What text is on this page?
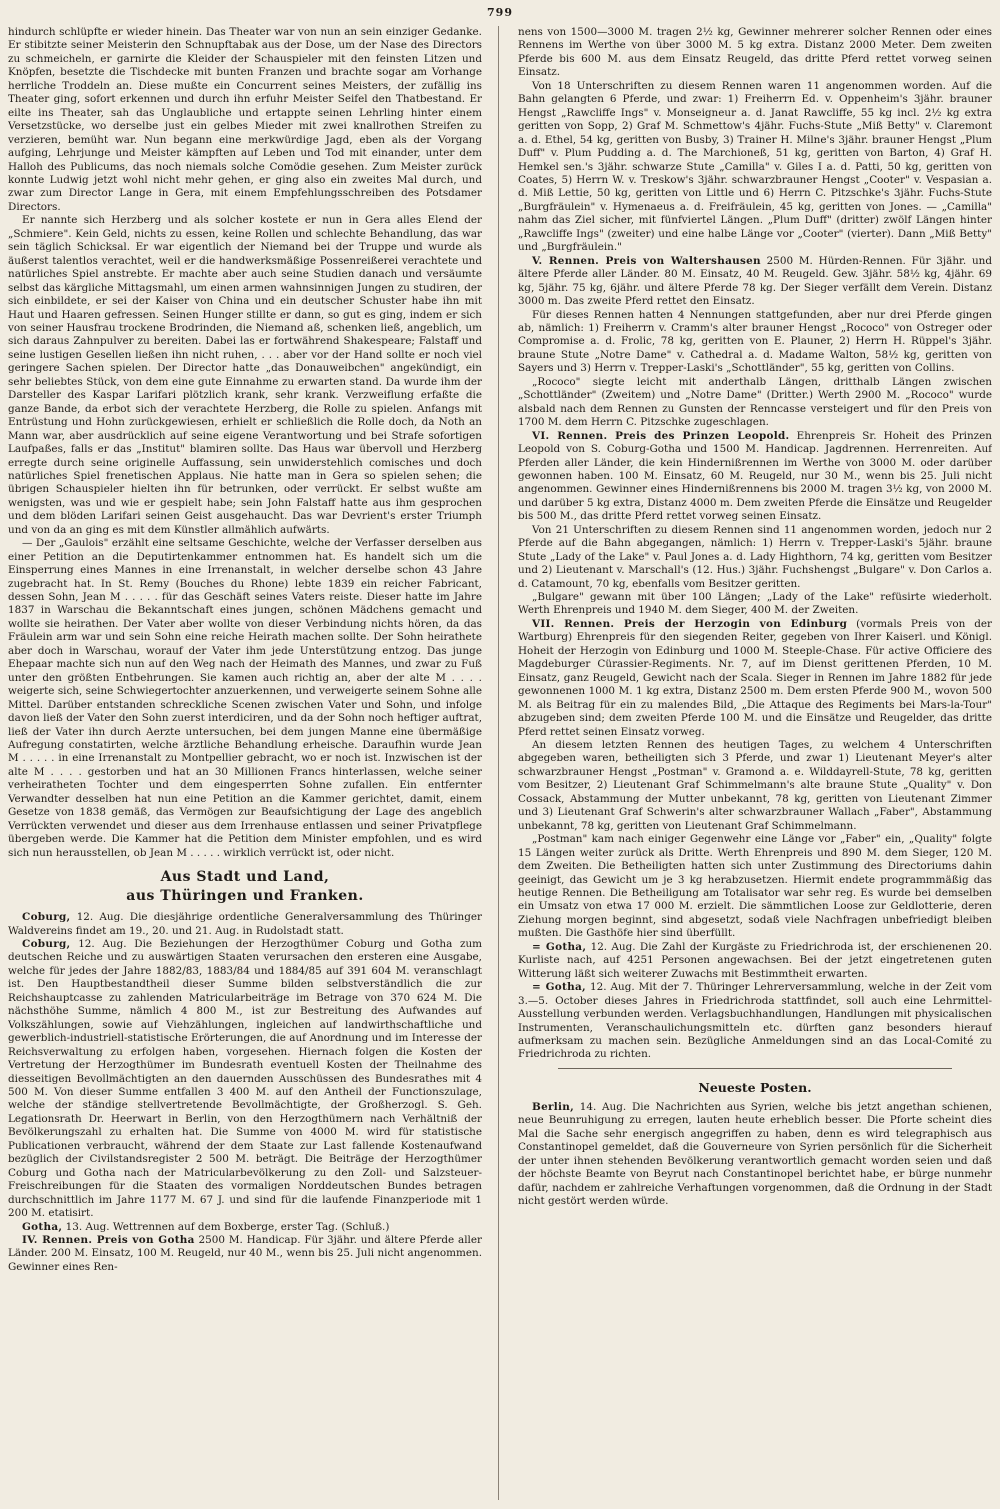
799

hindurch schlüpfte er wieder hinein. Das Theater war von nun an sein einziger Gedanke. Er stibitzte seiner Meisterin den Schnupftabak aus der Dose, um der Nase des Directors zu schmeicheln, er garnirte die Kleider der Schauspieler mit den feinsten Litzen und Knöpfen, besetzte die Tischdecke mit bunten Franzen und brachte sogar am Vorhange herrliche Troddeln an. Diese mußte ein Concurrent seines Meisters, der zufällig ins Theater ging, sofort erkennen und durch ihn erfuhr Meister Seifel den Thatbestand. Er eilte ins Theater, sah das Unglaubliche und ertappte seinen Lehrling hinter einem Versetzstücke, wo derselbe just ein gelbes Mieder mit zwei knallrothen Streifen zu verzieren, bemüht war. Nun begann eine merkwürdige Jagd, eben als der Vorgang aufging, Lehrjunge und Meister kämpften auf Leben und Tod mit einander, unter dem Halloh des Publicums, das noch niemals solche Comödie gesehen. Zum Meister zurück konnte Ludwig jetzt wohl nicht mehr gehen, er ging also ein zweites Mal durch, und zwar zum Director Lange in Gera, mit einem Empfehlungsschreiben des Potsdamer Directors.

Er nannte sich Herzberg und als solcher kostete er nun in Gera alles Elend der „Schmiere". Kein Geld, nichts zu essen, keine Rollen und schlechte Behandlung, das war sein täglich Schicksal. Er war eigentlich der Niemand bei der Truppe und wurde als äußerst talentlos verachtet, weil er die handwerksmäßige Possenreißerei verachtete und natürliches Spiel anstrebte. Er machte aber auch seine Studien danach und versäumte selbst das kärgliche Mittagsmahl, um einen armen wahnsinnigen Jungen zu studiren, der sich einbildete, er sei der Kaiser von China und ein deutscher Schuster habe ihn mit Haut und Haaren gefressen. Seinen Hunger stillte er dann, so gut es ging, indem er sich von seiner Hausfrau trockene Brodrinden, die Niemand aß, schenken ließ, angeblich, um sich daraus Zahnpulver zu bereiten. Dabei las er fortwährend Shakespeare; Falstaff und seine lustigen Gesellen ließen ihn nicht ruhen, . . . aber vor der Hand sollte er noch viel geringere Sachen spielen. Der Director hatte „das Donauweibchen" angekündigt, ein sehr beliebtes Stück, von dem eine gute Einnahme zu erwarten stand. Da wurde ihm der Darsteller des Kaspar Larifari plötzlich krank, sehr krank. Verzweiflung erfaßte die ganze Bande, da erbot sich der verachtete Herzberg, die Rolle zu spielen. Anfangs mit Entrüstung und Hohn zurückgewiesen, erhielt er schließlich die Rolle doch, da Noth an Mann war, aber ausdrücklich auf seine eigene Verantwortung und bei Strafe sofortigen Laufpaßes, falls er das „Institut" blamiren sollte. Das Haus war übervoll und Herzberg erregte durch seine originelle Auffassung, sein unwiderstehlich comisches und doch natürliches Spiel frenetischen Applaus. Nie hatte man in Gera so spielen sehen; die übrigen Schauspieler hielten ihn für betrunken, oder verrückt. Er selbst wußte am wenigsten, was und wie er gespielt habe; sein John Falstaff hatte aus ihm gesprochen und dem blöden Larifari seinen Geist ausgehaucht. Das war Devrient's erster Triumph und von da an ging es mit dem Künstler allmählich aufwärts.

— Der „Gaulois" erzählt eine seltsame Geschichte, welche der Verfasser derselben aus einer Petition an die Deputirtenkammer entnommen hat. Es handelt sich um die Einsperrung eines Mannes in eine Irrenanstalt, in welcher derselbe schon 43 Jahre zugebracht hat. In St. Remy (Bouches du Rhone) lebte 1839 ein reicher Fabricant, dessen Sohn, Jean M . . . . . für das Geschäft seines Vaters reiste. Dieser hatte im Jahre 1837 in Warschau die Bekanntschaft eines jungen, schönen Mädchens gemacht und wollte sie heirathen. Der Vater aber wollte von dieser Verbindung nichts hören, da das Fräulein arm war und sein Sohn eine reiche Heirath machen sollte. Der Sohn heirathete aber doch in Warschau, worauf der Vater ihm jede Unterstützung entzog. Das junge Ehepaar machte sich nun auf den Weg nach der Heimath des Mannes, und zwar zu Fuß unter den größten Entbehrungen. Sie kamen auch richtig an, aber der alte M . . . . weigerte sich, seine Schwiegertochter anzuerkennen, und verweigerte seinem Sohne alle Mittel. Darüber entstanden schreckliche Scenen zwischen Vater und Sohn, und infolge davon ließ der Vater den Sohn zuerst interdiciren, und da der Sohn noch heftiger auftrat, ließ der Vater ihn durch Aerzte untersuchen, bei dem jungen Manne eine übermäßige Aufregung constatirten, welche ärztliche Behandlung erheische. Daraufhin wurde Jean M . . . . . in eine Irrenanstalt zu Montpellier gebracht, wo er noch ist. Inzwischen ist der alte M . . . . gestorben und hat an 30 Millionen Francs hinterlassen, welche seiner verheiratheten Tochter und dem eingesperrten Sohne zufallen. Ein entfernter Verwandter desselben hat nun eine Petition an die Kammer gerichtet, damit, einem Gesetze von 1838 gemäß, das Vermögen zur Beaufsichtigung der Lage des angeblich Verrückten verwendet und dieser aus dem Irrenhause entlassen und seiner Privatpflege übergeben werde. Die Kammer hat die Petition dem Minister empfohlen, und es wird sich nun herausstellen, ob Jean M . . . . . wirklich verrückt ist, oder nicht.

Aus Stadt und Land,
aus Thüringen und Franken.

Coburg, 12. Aug. Die diesjährige ordentliche Generalversammlung des Thüringer Waldvereins findet am 19., 20. und 21. Aug. in Rudolstadt statt.

Coburg, 12. Aug. Die Beziehungen der Herzogthümer Coburg und Gotha zum deutschen Reiche und zu auswärtigen Staaten verursachen den ersteren eine Ausgabe, welche für jedes der Jahre 1882/83, 1883/84 und 1884/85 auf 391 604 M. veranschlagt ist. Den Hauptbestandtheil dieser Summe bilden selbstverständlich die zur Reichshauptcasse zu zahlenden Matricularbeiträge im Betrage von 370 624 M. Die nächsthöhe Summe, nämlich 4 800 M., ist zur Bestreitung des Aufwandes auf Volkszählungen, sowie auf Viehzählungen, ingleichen auf landwirthschaftliche und gewerblich-industriell-statistische Erörterungen, die auf Anordnung und im Interesse der Reichsverwaltung zu erfolgen haben, vorgesehen. Hiernach folgen die Kosten der Vertretung der Herzogthümer im Bundesrath eventuell Kosten der Theilnahme des diesseitigen Bevollmächtigten an den dauernden Ausschüssen des Bundesrathes mit 4 500 M. Von dieser Summe entfallen 3 400 M. auf den Antheil der Functionszulage, welche der ständige stellvertretende Bevollmächtigte, der Großherzogl. S. Geh. Legationsrath Dr. Heerwart in Berlin, von den Herzogthümern nach Verhältniß der Bevölkerungszahl zu erhalten hat. Die Summe von 4000 M. wird für statistische Publicationen verbraucht, während der dem Staate zur Last fallende Kostenaufwand bezüglich der Civilstandsregister 2 500 M. beträgt. Die Beiträge der Herzogthümer Coburg und Gotha nach der Matricularbevölkerung zu den Zoll- und Salzsteuer-Freischreibungen für die Staaten des vormaligen Norddeutschen Bundes betragen durchschnittlich im Jahre 1177 M. 67 J. und sind für die laufende Finanzperiode mit 1 200 M. etatisirt.

Gotha, 13. Aug. Wettrennen auf dem Boxberge, erster Tag. (Schluß.)

IV. Rennen. Preis von Gotha 2500 M. Handicap. Für 3jähr. und ältere Pferde aller Länder. 200 M. Einsatz, 100 M. Reugeld, nur 40 M., wenn bis 25. Juli nicht angenommen. Gewinner eines Ren-

nens von 1500—3000 M. tragen 2½ kg, Gewinner mehrerer solcher Rennen oder eines Rennens im Werthe von über 3000 M. 5 kg extra. Distanz 2000 Meter. Dem zweiten Pferde bis 600 M. aus dem Einsatz Reugeld, das dritte Pferd rettet vorweg seinen Einsatz.

Von 18 Unterschriften zu diesem Rennen waren 11 angenommen worden. Auf die Bahn gelangten 6 Pferde, und zwar: 1) Freiherrn Ed. v. Oppenheim's 3jähr. brauner Hengst „Rawcliffe Ings" v. Monseigneur a. d. Janat Rawcliffe, 55 kg incl. 2½ kg extra geritten von Sopp, 2) Graf M. Schmettow's 4jähr. Fuchs-Stute „Miß Betty" v. Claremont a. d. Ethel, 54 kg, geritten von Busby, 3) Trainer H. Milne's 3jähr. brauner Hengst „Plum Duff" v. Plum Pudding a. d. The Marchioneß, 51 kg, geritten von Barton, 4) Graf H. Hemkel sen.'s 3jähr. schwarze Stute „Camilla" v. Giles I a. d. Patti, 50 kg, geritten von Coates, 5) Herrn W. v. Treskow's 3jähr. schwarzbrauner Hengst „Cooter" v. Vespasian a. d. Miß Lettie, 50 kg, geritten von Little und 6) Herrn C. Pitzschke's 3jähr. Fuchs-Stute „Burgfräulein" v. Hymenaeus a. d. Freifräulein, 45 kg, geritten von Jones. — „Camilla" nahm das Ziel sicher, mit fünfviertel Längen. „Plum Duff" (dritter) zwölf Längen hinter „Rawcliffe Ings" (zweiter) und eine halbe Länge vor „Cooter" (vierter). Dann „Miß Betty" und „Burgfräulein."

V. Rennen. Preis von Waltershausen 2500 M. Hürden-Rennen. Für 3jähr. und ältere Pferde aller Länder. 80 M. Einsatz, 40 M. Reugeld. Gew. 3jähr. 58½ kg, 4jähr. 69 kg, 5jähr. 75 kg, 6jähr. und ältere Pferde 78 kg. Der Sieger verfällt dem Verein. Distanz 3000 m. Das zweite Pferd rettet den Einsatz.

Für dieses Rennen hatten 4 Nennungen stattgefunden, aber nur drei Pferde gingen ab, nämlich: 1) Freiherrn v. Cramm's alter brauner Hengst „Rococo" von Ostreger oder Compromise a. d. Frolic, 78 kg, geritten von E. Plauner, 2) Herrn H. Rüppel's 3jähr. braune Stute „Notre Dame" v. Cathedral a. d. Madame Walton, 58½ kg, geritten von Sayers und 3) Herrn v. Trepper-Laski's „Schottländer", 55 kg, geritten von Collins.

„Rococo" siegte leicht mit anderthalb Längen, dritthalb Längen zwischen „Schottländer" (Zweitem) und „Notre Dame" (Dritter.) Werth 2900 M. „Rococo" wurde alsbald nach dem Rennen zu Gunsten der Renncasse versteigert und für den Preis von 1700 M. dem Herrn C. Pitzschke zugeschlagen.

VI. Rennen. Preis des Prinzen Leopold. Ehrenpreis Sr. Hoheit des Prinzen Leopold von S. Coburg-Gotha und 1500 M. Handicap. Jagdrennen. Herrenreiten. Auf Pferden aller Länder, die kein Hindernißrennen im Werthe von 3000 M. oder darüber gewonnen haben. 100 M. Einsatz, 60 M. Reugeld, nur 30 M., wenn bis 25. Juli nicht angenommen. Gewinner eines Hindernißrennens bis 2000 M. tragen 3½ kg, von 2000 M. und darüber 5 kg extra, Distanz 4000 m. Dem zweiten Pferde die Einsätze und Reugelder bis 500 M., das dritte Pferd rettet vorweg seinen Einsatz.

Von 21 Unterschriften zu diesem Rennen sind 11 angenommen worden, jedoch nur 2 Pferde auf die Bahn abgegangen, nämlich: 1) Herrn v. Trepper-Laski's 5jähr. braune Stute „Lady of the Lake" v. Paul Jones a. d. Lady Highthorn, 74 kg, geritten vom Besitzer und 2) Lieutenant v. Marschall's (12. Hus.) 3jähr. Fuchshengst „Bulgare" v. Don Carlos a. d. Catamount, 70 kg, ebenfalls vom Besitzer geritten.

„Bulgare" gewann mit über 100 Längen; „Lady of the Lake" refüsirte wiederholt. Werth Ehrenpreis und 1940 M. dem Sieger, 400 M. der Zweiten.

VII. Rennen. Preis der Herzogin von Edinburg (vormals Preis von der Wartburg) Ehrenpreis für den siegenden Reiter, gegeben von Ihrer Kaiserl. und Königl. Hoheit der Herzogin von Edinburg und 1000 M. Steeple-Chase. Für active Officiere des Magdeburger Cürassier-Regiments. Nr. 7, auf im Dienst gerittenen Pferden, 10 M. Einsatz, ganz Reugeld, Gewicht nach der Scala. Sieger in Rennen im Jahre 1882 für jede gewonnenen 1000 M. 1 kg extra, Distanz 2500 m. Dem ersten Pferde 900 M., wovon 500 M. als Beitrag für ein zu malendes Bild, „Die Attaque des Regiments bei Mars-la-Tour" abzugeben sind; dem zweiten Pferde 100 M. und die Einsätze und Reugelder, das dritte Pferd rettet seinen Einsatz vorweg.

An diesem letzten Rennen des heutigen Tages, zu welchem 4 Unterschriften abgegeben waren, betheiligten sich 3 Pferde, und zwar 1) Lieutenant Meyer's alter schwarzbrauner Hengst „Postman" v. Gramond a. e. Wilddayrell-Stute, 78 kg, geritten vom Besitzer, 2) Lieutenant Graf Schimmelmann's alte braune Stute „Quality" v. Don Cossack, Abstammung der Mutter unbekannt, 78 kg, geritten von Lieutenant Zimmer und 3) Lieutenant Graf Schwerin's alter schwarzbrauner Wallach „Faber", Abstammung unbekannt, 78 kg, geritten von Lieutenant Graf Schimmelmann.

„Postman" kam nach einiger Gegenwehr eine Länge vor „Faber" ein, „Quality" folgte 15 Längen weiter zurück als Dritte. Werth Ehrenpreis und 890 M. dem Sieger, 120 M. dem Zweiten. Die Betheiligten hatten sich unter Zustimmung des Directoriums dahin geeinigt, das Gewicht um je 3 kg herabzusetzen. Hiermit endete programmmäßig das heutige Rennen. Die Betheiligung am Totalisator war sehr reg. Es wurde bei demselben ein Umsatz von etwa 17 000 M. erzielt. Die sämmtlichen Loose zur Geldlotterie, deren Ziehung morgen beginnt, sind abgesetzt, sodaß viele Nachfragen unbefriedigt bleiben mußten. Die Gasthöfe hier sind überfüllt.

= Gotha, 12. Aug. Die Zahl der Kurgäste zu Friedrichroda ist, der erschienenen 20. Kurliste nach, auf 4251 Personen angewachsen. Bei der jetzt eingetretenen guten Witterung läßt sich weiterer Zuwachs mit Bestimmtheit erwarten.

= Gotha, 12. Aug. Mit der 7. Thüringer Lehrerversammlung, welche in der Zeit vom 3.—5. October dieses Jahres in Friedrichroda stattfindet, soll auch eine Lehrmittel-Ausstellung verbunden werden. Verlagsbuchhandlungen, Handlungen mit physicalischen Instrumenten, Veranschaulichungsmitteln etc. dürften ganz besonders hierauf aufmerksam zu machen sein. Bezügliche Anmeldungen sind an das Local-Comité zu Friedrichroda zu richten.

Neueste Posten.

Berlin, 14. Aug. Die Nachrichten aus Syrien, welche bis jetzt angethan schienen, neue Beunruhigung zu erregen, lauten heute erheblich besser. Die Pforte scheint dies Mal die Sache sehr energisch angegriffen zu haben, denn es wird telegraphisch aus Constantinopel gemeldet, daß die Gouverneure von Syrien persönlich für die Sicherheit der unter ihnen stehenden Bevölkerung verantwortlich gemacht worden seien und daß der höchste Beamte von Beyrut nach Constantinopel berichtet habe, er bürge nunmehr dafür, nachdem er zahlreiche Verhaftungen vorgenommen, daß die Ordnung in der Stadt nicht gestört werden würde.
